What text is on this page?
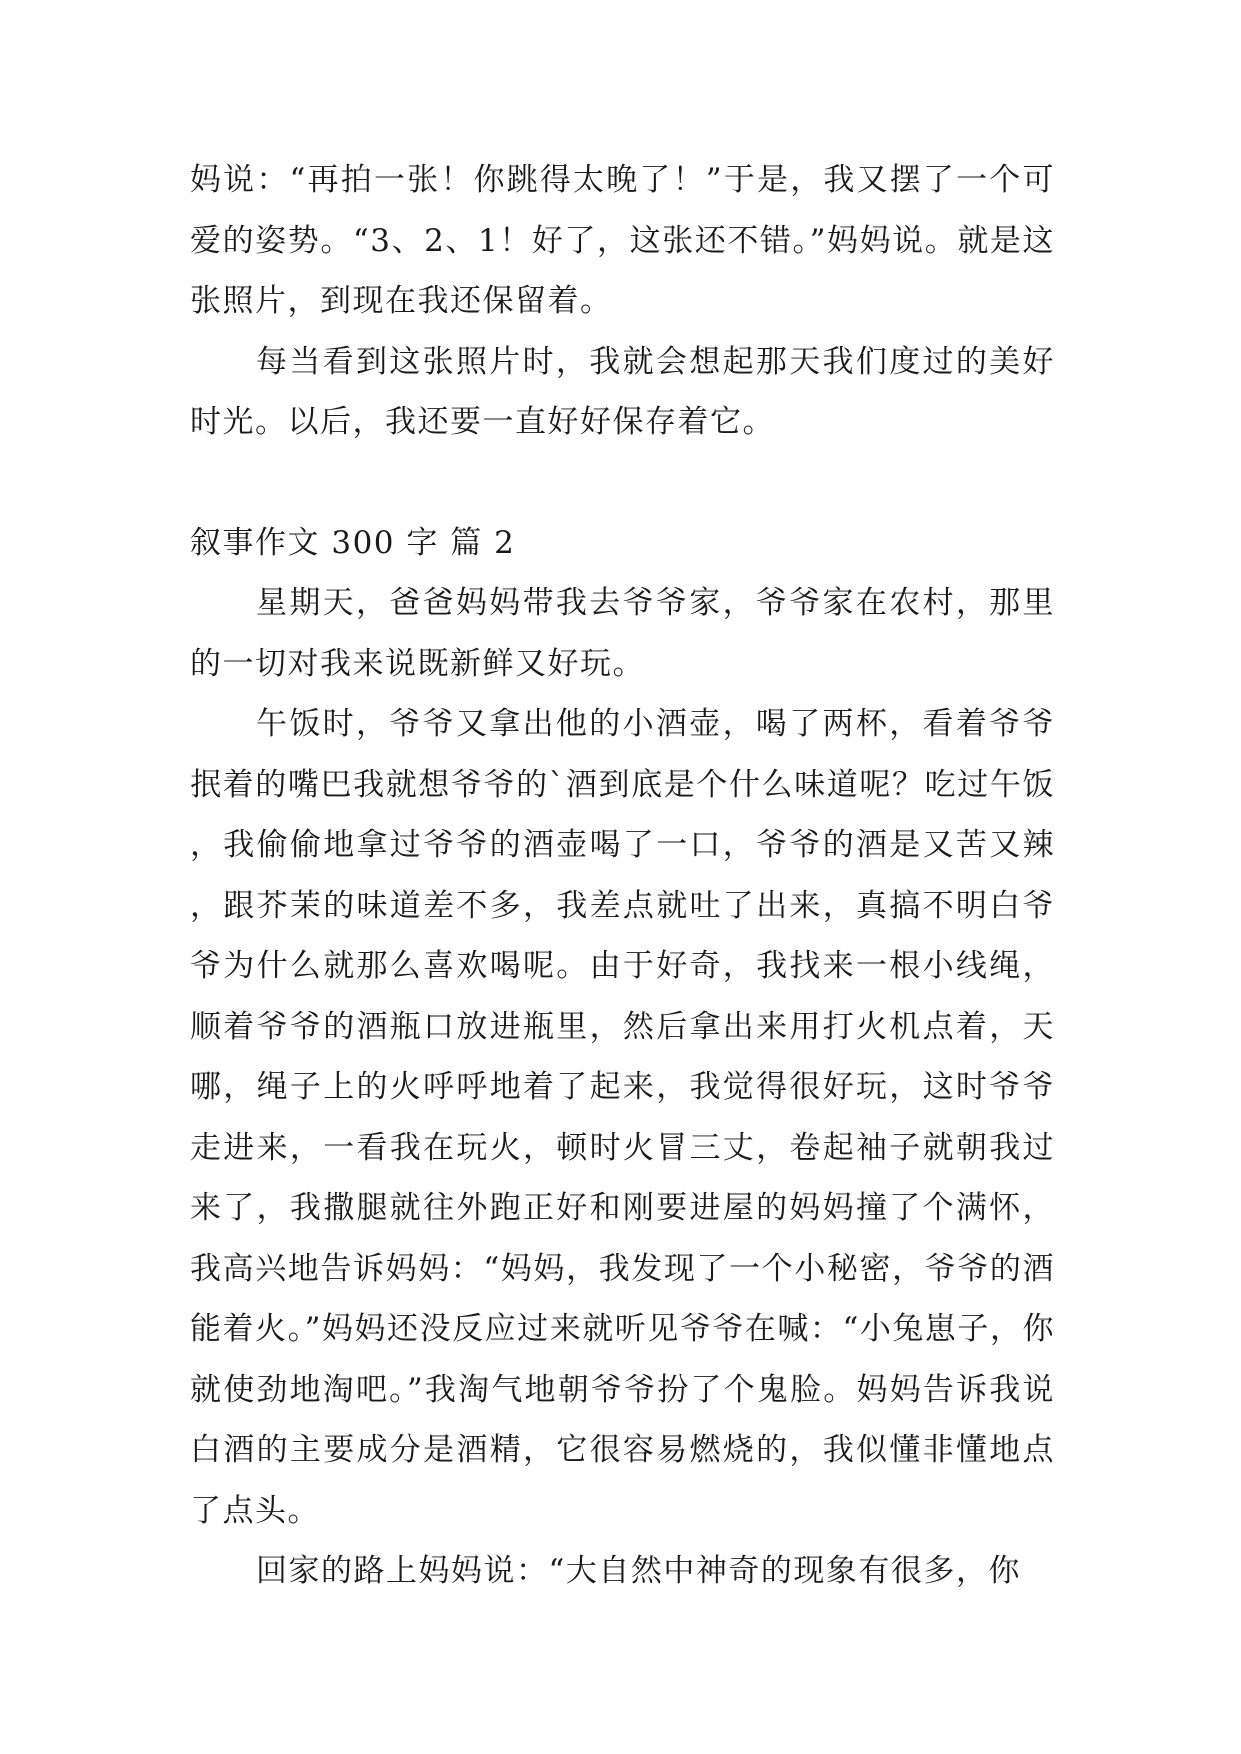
妈说：“再拍一张！你跳得太晚了！”于是，我又摆了一个可爱的姿势。“3、2、1！好了，这张还不错。”妈妈说。就是这张照片，到现在我还保留着。

每当看到这张照片时，我就会想起那天我们度过的美好时光。以后，我还要一直好好保存着它。

叙事作文 300 字 篇 2

星期天，爸爸妈妈带我去爷爷家，爷爷家在农村，那里的一切对我来说既新鲜又好玩。

午饭时，爷爷又拿出他的小酒壶，喝了两杯，看着爷爷抿着的嘴巴我就想爷爷的`酒到底是个什么味道呢？吃过午饭，我偷偷地拿过爷爷的酒壶喝了一口，爷爷的酒是又苦又辣，跟芥茉的味道差不多，我差点就吐了出来，真搞不明白爷爷为什么就那么喜欢喝呢。由于好奇，我找来一根小线绳，顺着爷爷的酒瓶口放进瓶里，然后拿出来用打火机点着，天哪，绳子上的火呼呼地着了起来，我觉得很好玩，这时爷爷走进来，一看我在玩火，顿时火冒三丈，卷起袖子就朝我过来了，我撒腿就往外跑正好和刚要进屋的妈妈撞了个满怀，我高兴地告诉妈妈：“妈妈，我发现了一个小秘密，爷爷的酒能着火。”妈妈还没反应过来就听见爷爷在喊：“小兔崽子，你就使劲地淘吧。”我淘气地朝爷爷扮了个鬼脸。妈妈告诉我说白酒的主要成分是酒精，它很容易燃烧的，我似懂非懂地点了点头。

回家的路上妈妈说：“大自然中神奇的现象有很多，你
